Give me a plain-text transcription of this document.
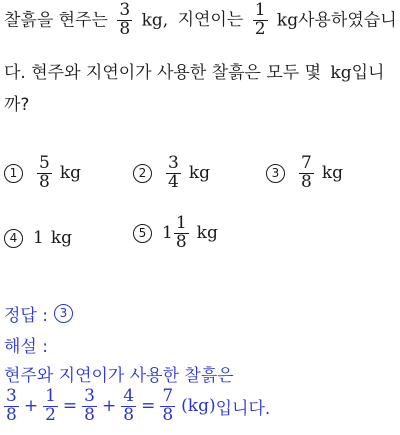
찰흙을 현주는 $\frac{3}{8}$ kg, 지연이는 $\frac{1}{2}$ kg사용하였습니
다. 현주와 지연이가 사용한 찰흙은 모두 몇 kg입니
까?
1	$\frac{5}{8}$ kg	2	$\frac{3}{4}$ kg	3	$\frac{7}{8}$ kg
4 1 kg	5 $1 \frac{1}{8}$ kg
정답 : 3
해설 :
현주와 지연이가 사용한 찰흙은
$\frac{3}{8} + \frac{1}{2} = \frac{3}{8} + \frac{4}{8} = \frac{7}{8} (kg)$ 입니다.
